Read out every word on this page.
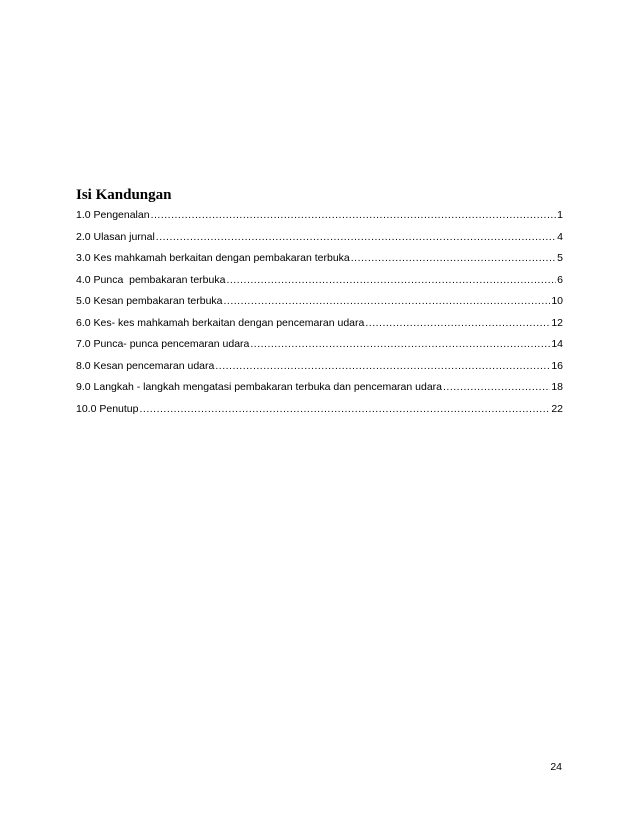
Isi Kandungan
1.0 Pengenalan .....	1
2.0 Ulasan jurnal .....	4
3.0 Kes mahkamah berkaitan dengan pembakaran terbuka .....	5
4.0 Punca  pembakaran terbuka .....	6
5.0 Kesan pembakaran terbuka .....	10
6.0 Kes- kes mahkamah berkaitan dengan pencemaran udara .....	12
7.0 Punca- punca pencemaran udara .....	14
8.0 Kesan pencemaran udara .....	16
9.0 Langkah - langkah mengatasi pembakaran terbuka dan pencemaran udara .....	18
10.0 Penutup .....	22
24
